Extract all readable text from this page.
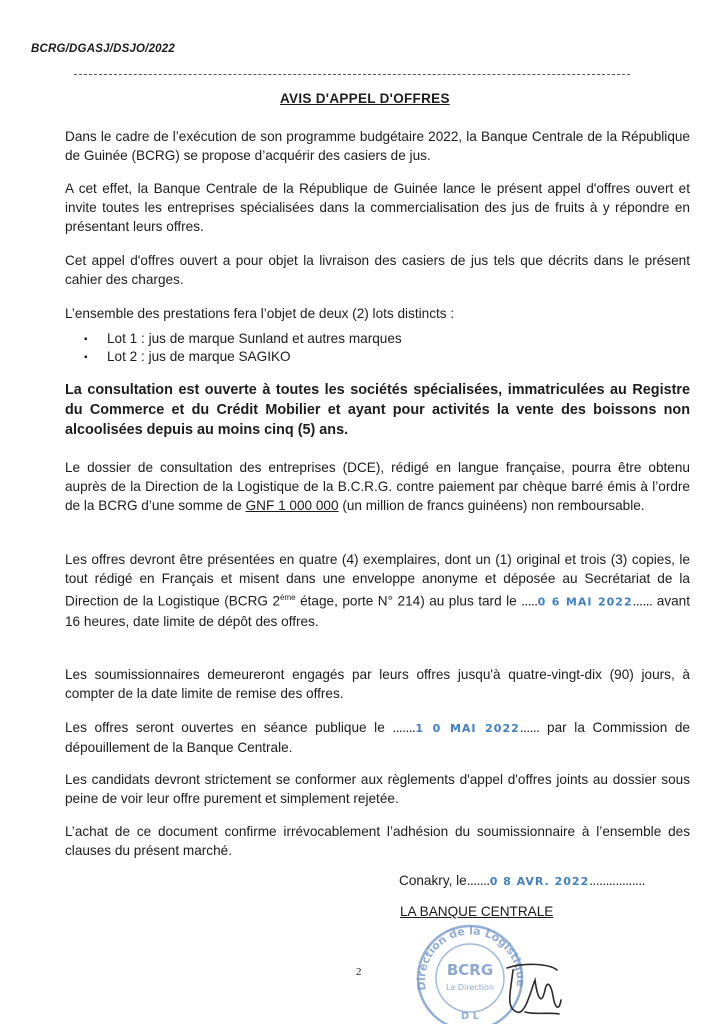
BCRG/DGASJ/DSJO/2022
AVIS D'APPEL D'OFFRES

Dans le cadre de l’exécution de son programme budgétaire 2022, la Banque Centrale de la République de Guinée (BCRG) se propose d’acquérir des casiers de jus.

A cet effet, la Banque Centrale de la République de Guinée lance le présent appel d'offres ouvert et invite toutes les entreprises spécialisées dans la commercialisation des jus de fruits à y répondre en présentant leurs offres.

Cet appel d'offres ouvert a pour objet la livraison des casiers de jus tels que décrits dans le présent cahier des charges.

L’ensemble des prestations fera l’objet de deux (2) lots distincts :

▪ Lot 1 : jus de marque Sunland et autres marques
▪ Lot 2 : jus de marque SAGIKO

La consultation est ouverte à toutes les sociétés spécialisées, immatriculées au Registre du Commerce et du Crédit Mobilier et ayant pour activités la vente des boissons non alcoolisées depuis au moins cinq (5) ans.

Le dossier de consultation des entreprises (DCE), rédigé en langue française, pourra être obtenu auprès de la Direction de la Logistique de la B.C.R.G. contre paiement par chèque barré émis à l’ordre de la BCRG d’une somme de GNF 1 000 000 (un million de francs guinéens) non remboursable.

Les offres devront être présentées en quatre (4) exemplaires, dont un (1) original et trois (3) copies, le tout rédigé en Français et misent dans une enveloppe anonyme et déposée au Secrétariat de la Direction de la Logistique (BCRG 2ème étage, porte N° 214) au plus tard le .....0 6 MAI 2022...... avant 16 heures, date limite de dépôt des offres.

Les soumissionnaires demeureront engagés par leurs offres jusqu'à quatre-vingt-dix (90) jours, à compter de la date limite de remise des offres.

Les offres seront ouvertes en séance publique le .......1 0 MAI 2022...... par la Commission de dépouillement de la Banque Centrale.

Les candidats devront strictement se conformer aux règlements d'appel d'offres joints au dossier sous peine de voir leur offre purement et simplement rejetée.

L’achat de ce document confirme irrévocablement l’adhésion du soumissionnaire à l’ensemble des clauses du présent marché.

Conakry, le.......0 8 AVR. 2022.................
LA BANQUE CENTRALE
Direction de la Logistique
BCRG
La Direction
D L
2
